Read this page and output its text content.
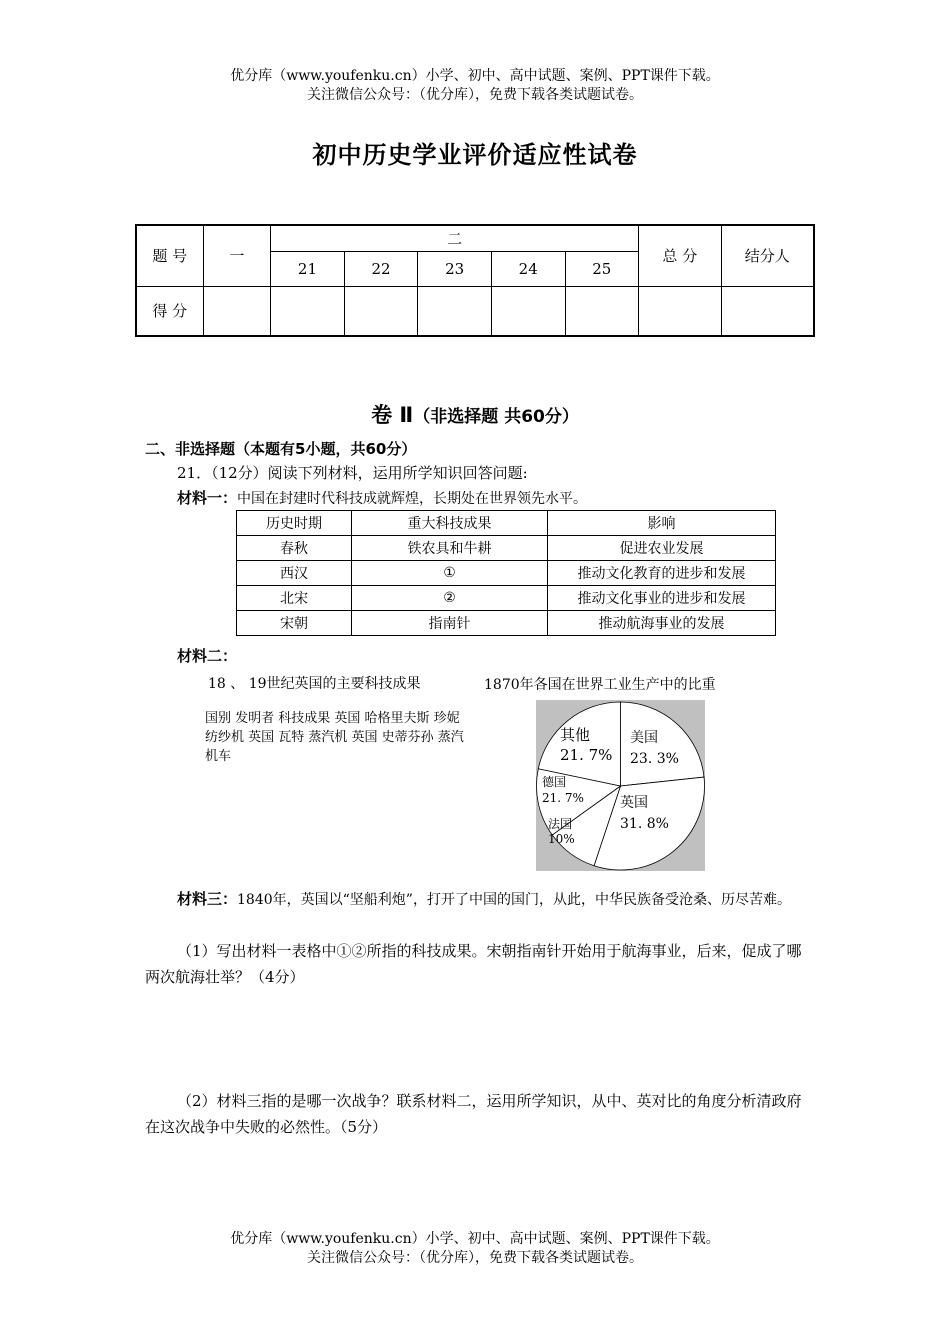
优分库（www.youfenku.cn）小学、初中、高中试题、案例、PPT课件下载。
关注微信公众号：（优分库），免费下载各类试题试卷。
初中历史学业评价适应性试卷
题 号	一	二					总 分	结分人
		21	22	23	24	25		
得 分								
卷 Ⅱ（非选择题 共60分）
二、非选择题（本题有5小题，共60分）
21．（12分）阅读下列材料，运用所学知识回答问题:
材料一：中国在封建时代科技成就辉煌，长期处在世界领先水平。
历史时期	重大科技成果	影响
春秋	铁农具和牛耕	促进农业发展
西汉	①	推动文化教育的进步和发展
北宋	②	推动文化事业的进步和发展
宋朝	指南针	推动航海事业的发展
材料二：
18 、 19世纪英国的主要科技成果
国别 发明者 科技成果 英国 哈格里夫斯 珍妮纺纱机 英国 瓦特 蒸汽机 英国 史蒂芬孙 蒸汽机车
1870年各国在世界工业生产中的比重
美国
23. 3%
英国
31. 8%
法国
10%
德国
21. 7%
其他
21. 7%
材料三：1840年，英国以“坚船利炮”，打开了中国的国门，从此，中华民族备受沧桑、历尽苦难。
（1）写出材料一表格中①②所指的科技成果。宋朝指南针开始用于航海事业，后来，促成了哪两次航海壮举？（4分）
（2）材料三指的是哪一次战争？联系材料二，运用所学知识，从中、英对比的角度分析清政府在这次战争中失败的必然性。（5分）
优分库（www.youfenku.cn）小学、初中、高中试题、案例、PPT课件下载。
关注微信公众号：（优分库），免费下载各类试题试卷。
